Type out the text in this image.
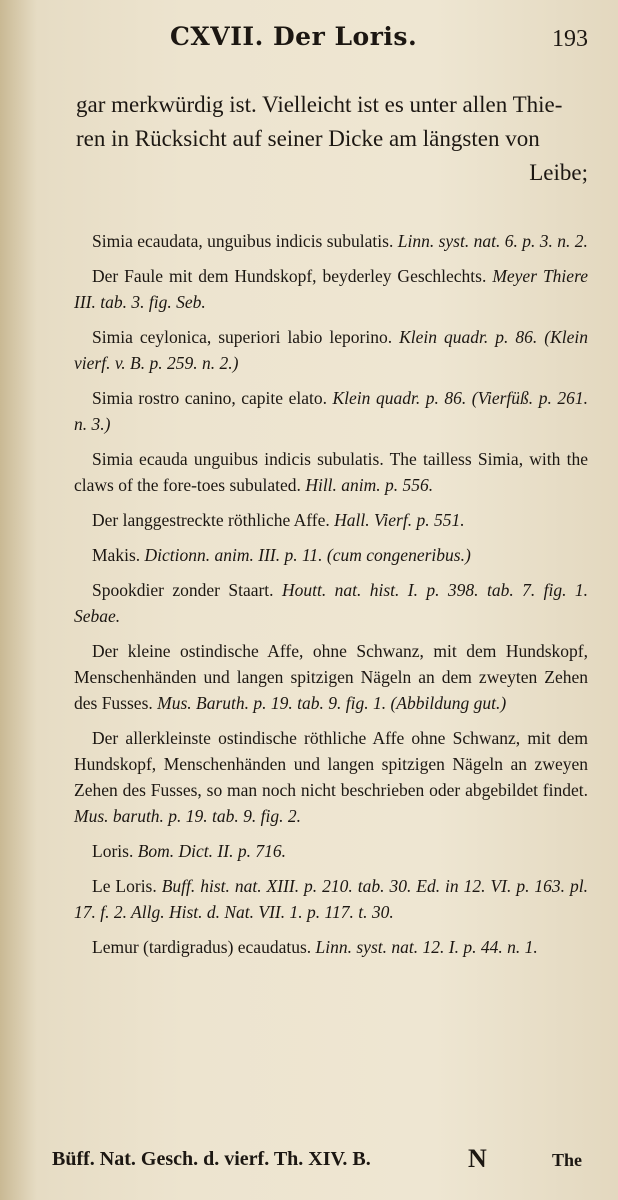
CXVII. Der Loris.	193
gar merkwürdig ist. Vielleicht ist es unter allen Thie-
ren in Rücksicht auf seiner Dicke am längsten von
Leibe;

Simia ecaudata, unguibus indicis subulatis. Linn. syst. nat. 6. p. 3. n. 2.

Der Faule mit dem Hundskopf, beyderley Geschlechts. Meyer Thiere III. tab. 3. fig. Seb.

Simia ceylonica, superiori labio leporino. Klein quadr. p. 86. (Klein vierf. v. B. p. 259. n. 2.)

Simia rostro canino, capite elato. Klein quadr. p. 86. (Vierfüß. p. 261. n. 3.)

Simia ecauda unguibus indicis subulatis. The tailless Simia, with the claws of the fore-toes subulated. Hill. anim. p. 556.

Der langgestreckte röthliche Affe. Hall. Vierf. p. 551.

Makis. Dictionn. anim. III. p. 11. (cum congeneribus.)

Spookdier zonder Staart. Houtt. nat. hist. I. p. 398. tab. 7. fig. 1. Sebae.

Der kleine ostindische Affe, ohne Schwanz, mit dem Hundskopf, Menschenhänden und langen spitzigen Nägeln an dem zweyten Zehen des Fusses. Mus. Baruth. p. 19. tab. 9. fig. 1. (Abbildung gut.)

Der allerkleinste ostindische röthliche Affe ohne Schwanz, mit dem Hundskopf, Menschenhänden und langen spitzigen Nägeln an zweyen Zehen des Fusses, so man noch nicht beschrieben oder abgebildet findet. Mus. baruth. p. 19. tab. 9. fig. 2.

Loris. Bom. Dict. II. p. 716.

Le Loris. Buff. hist. nat. XIII. p. 210. tab. 30. Ed. in 12. VI. p. 163. pl. 17. f. 2. Allg. Hist. d. Nat. VII. 1. p. 117. t. 30.

Lemur (tardigradus) ecaudatus. Linn. syst. nat. 12. I. p. 44. n. 1.

Büff. Nat. Gesch. d. vierf. Th. XIV. B.	N	The
